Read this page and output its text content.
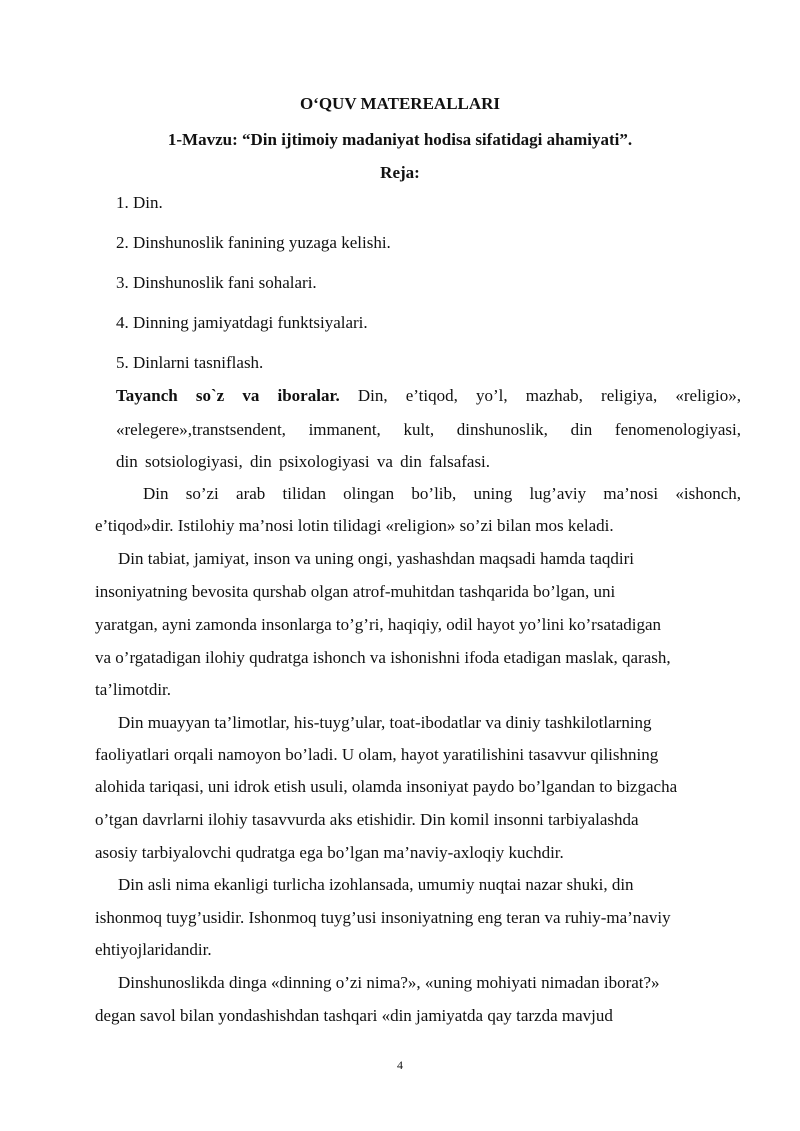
O‘QUV MATEREALLARI
1-Mavzu: “Din ijtimoiy madaniyat hodisa sifatidagi ahamiyati”.
Reja:
1. Din.
2. Dinshunoslik fanining yuzaga kelishi.
3. Dinshunoslik fani sohalari.
4. Dinning jamiyatdagi funktsiyalari.
5. Dinlarni tasniflash.
Tayanch so`z va iboralar. Din, e’tiqod, yo’l, mazhab, religiya, «religio»,
«relegere»,transtsendent, immanent, kult, dinshunoslik, din fenomenologiyasi,
din sotsiologiyasi, din psixologiyasi va din falsafasi.
Din so’zi arab tilidan olingan bo’lib, uning lug’aviy ma’nosi «ishonch,
e’tiqod»dir. Istilohiy ma’nosi lotin tilidagi «religion» so’zi bilan mos keladi.
Din tabiat, jamiyat, inson va uning ongi, yashashdan maqsadi hamda taqdiri
insoniyatning bevosita qurshab olgan atrof-muhitdan tashqarida bo’lgan, uni
yaratgan, ayni zamonda insonlarga to’g’ri, haqiqiy, odil hayot yo’lini ko’rsatadigan
va o’rgatadigan ilohiy qudratga ishonch va ishonishni ifoda etadigan maslak, qarash,
ta’limotdir.
Din muayyan ta’limotlar, his-tuyg’ular, toat-ibodatlar va diniy tashkilotlarning
faoliyatlari orqali namoyon bo’ladi. U olam, hayot yaratilishini tasavvur qilishning
alohida tariqasi, uni idrok etish usuli, olamda insoniyat paydo bo’lgandan to bizgacha
o’tgan davrlarni ilohiy tasavvurda aks etishidir. Din komil insonni tarbiyalashda
asosiy tarbiyalovchi qudratga ega bo’lgan ma’naviy-axloqiy kuchdir.
Din asli nima ekanligi turlicha izohlansada, umumiy nuqtai nazar shuki, din
ishonmoq tuyg’usidir. Ishonmoq tuyg’usi insoniyatning eng teran va ruhiy-ma’naviy
ehtiyojlaridandir.
Dinshunoslikda dinga «dinning o’zi nima?», «uning mohiyati nimadan iborat?»
degan savol bilan yondashishdan tashqari «din jamiyatda qay tarzda mavjud
4
